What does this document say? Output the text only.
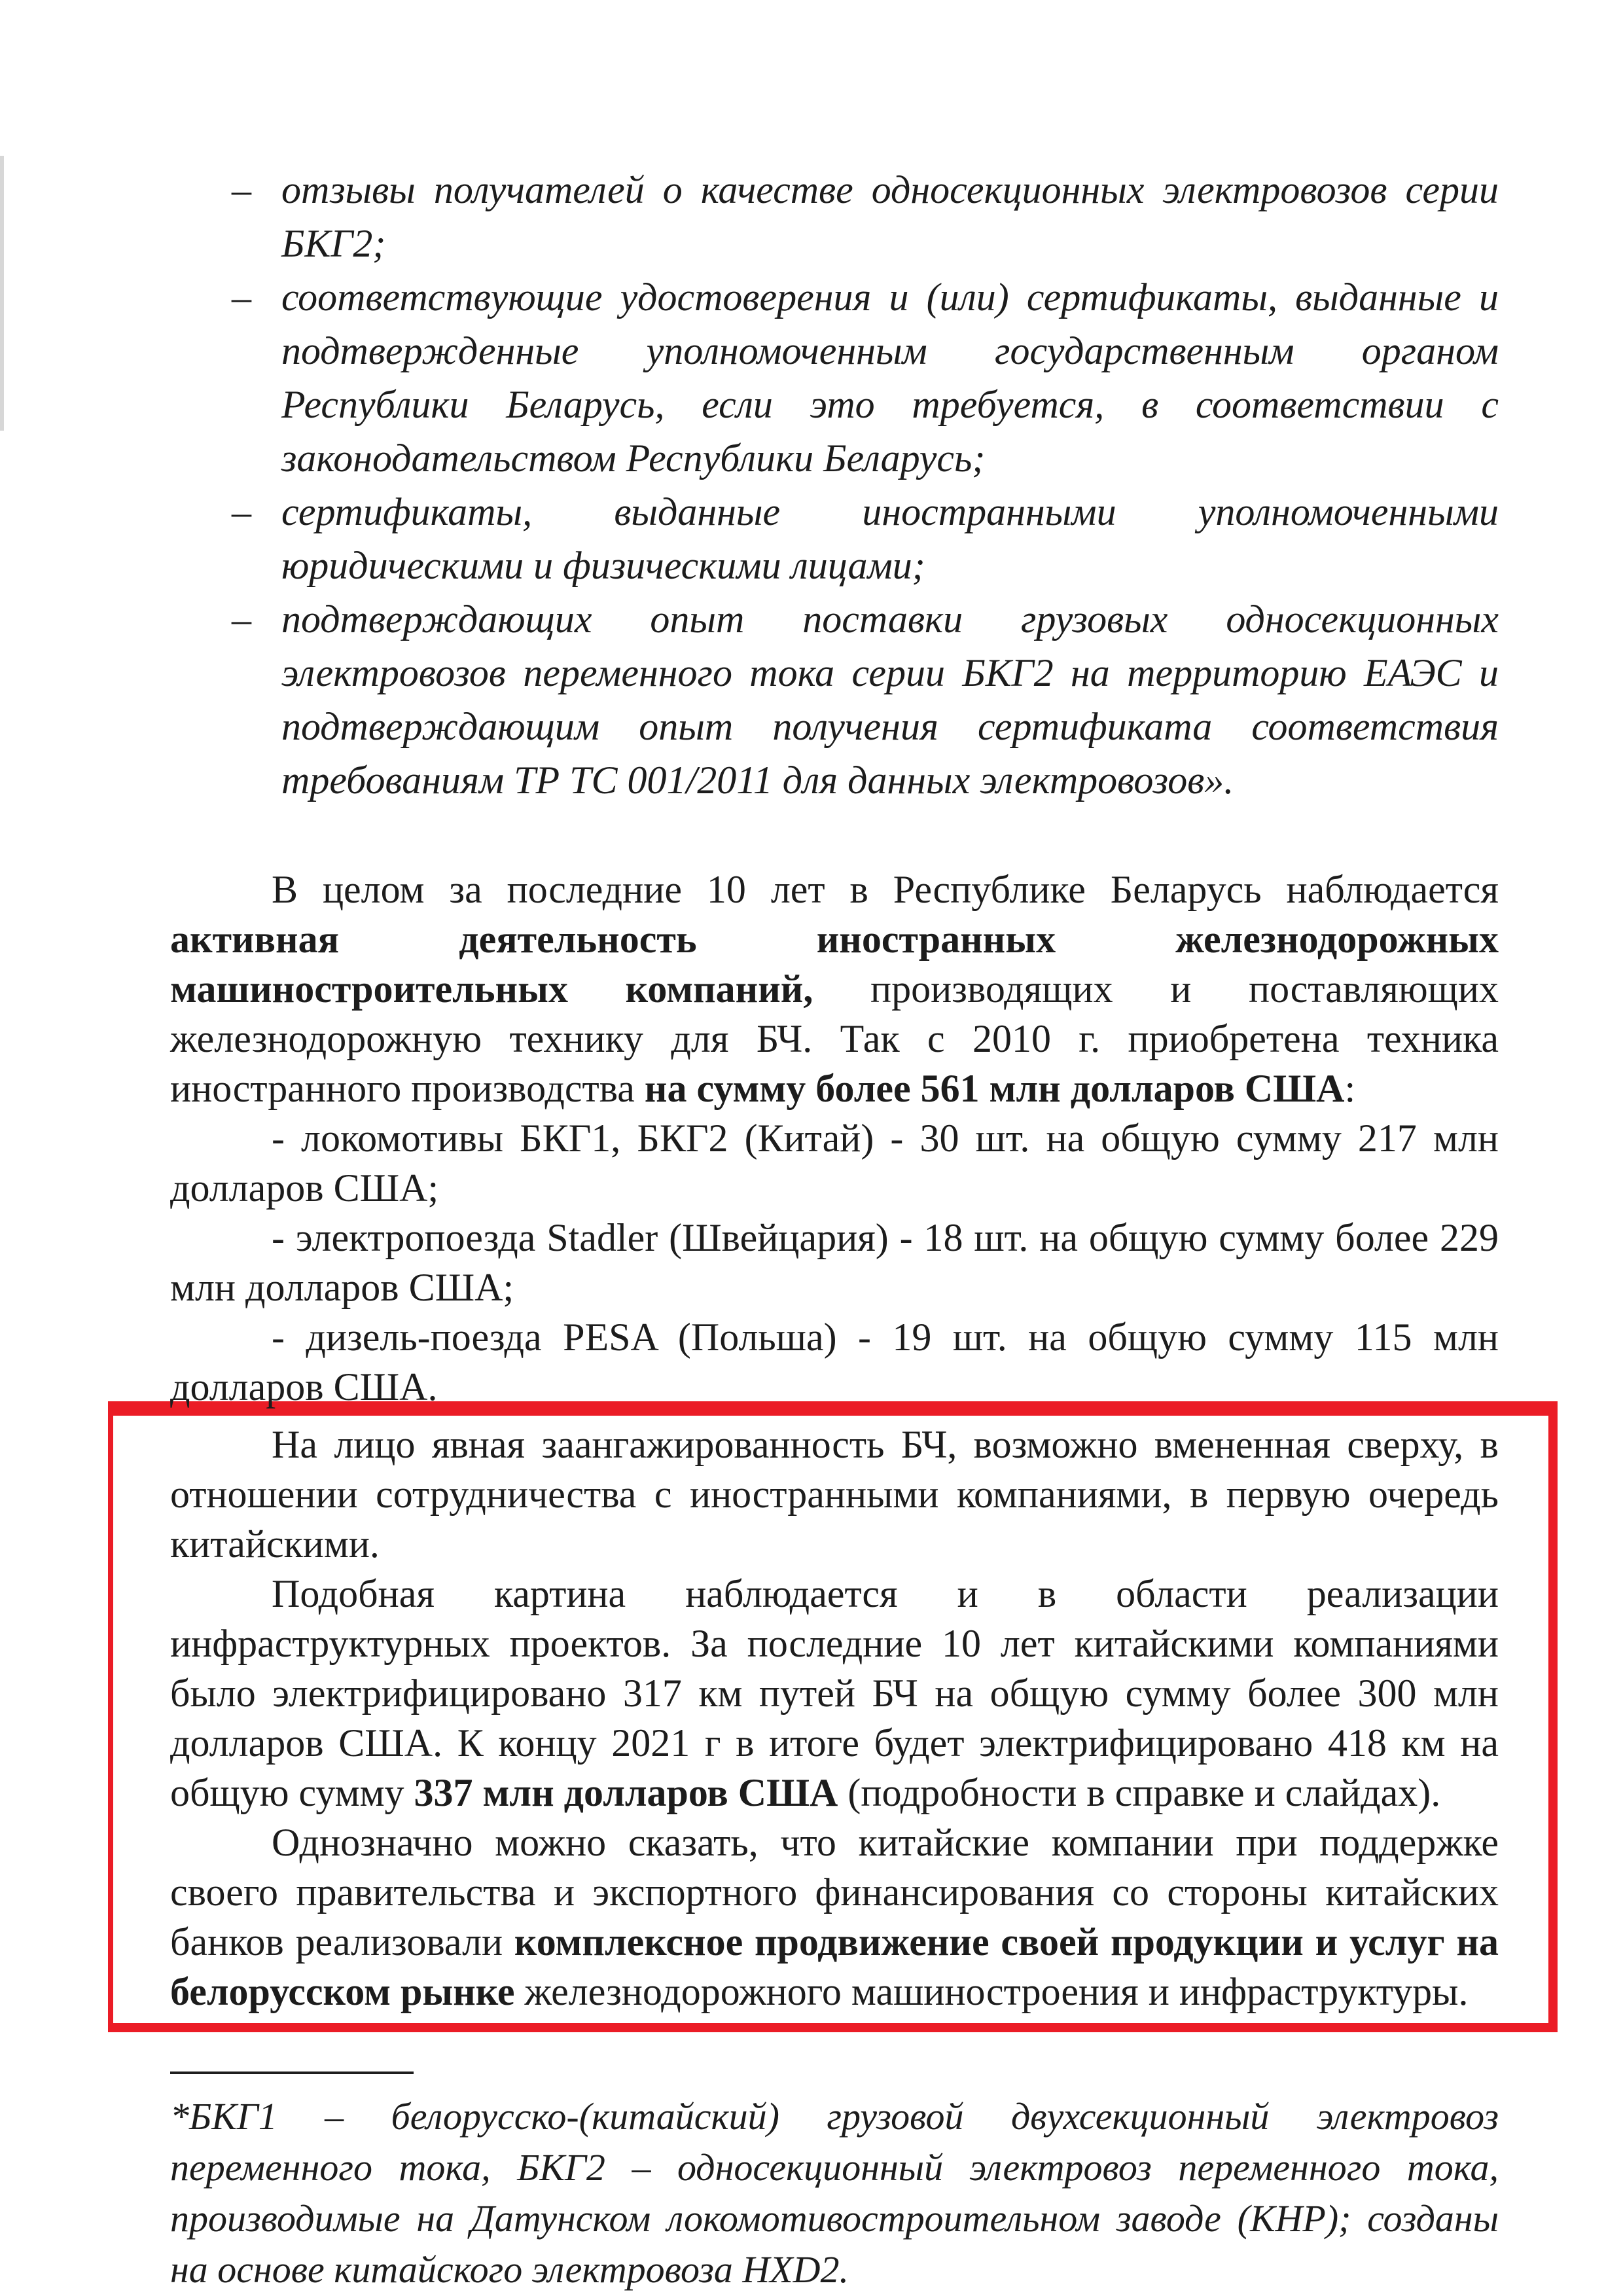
– отзывы получателей о качестве односекционных электровозов серии БКГ2;
– соответствующие удостоверения и (или) сертификаты, выданные и подтвержденные уполномоченным государственным органом Республики Беларусь, если это требуется, в соответствии с законодательством Республики Беларусь;
– сертификаты, выданные иностранными уполномоченными юридическими и физическими лицами;
– подтверждающих опыт поставки грузовых односекционных электровозов переменного тока серии БКГ2 на территорию ЕАЭС и подтверждающим опыт получения сертификата соответствия требованиям ТР ТС 001/2011 для данных электровозов».

В целом за последние 10 лет в Республике Беларусь наблюдается активная деятельность иностранных железнодорожных машиностроительных компаний, производящих и поставляющих железнодорожную технику для БЧ. Так с 2010 г. приобретена техника иностранного производства на сумму более 561 млн долларов США:

- локомотивы БКГ1, БКГ2 (Китай) - 30 шт. на общую сумму 217 млн долларов США;

- электропоезда Stadler (Швейцария) - 18 шт. на общую сумму более 229 млн долларов США;

- дизель-поезда PESA (Польша) - 19 шт. на общую сумму 115 млн долларов США.

На лицо явная заангажированность БЧ, возможно вмененная сверху, в отношении сотрудничества с иностранными компаниями, в первую очередь китайскими.

Подобная картина наблюдается и в области реализации инфраструктурных проектов. За последние 10 лет китайскими компаниями было электрифицировано 317 км путей БЧ на общую сумму более 300 млн долларов США. К концу 2021 г в итоге будет электрифицировано 418 км на общую сумму 337 млн долларов США (подробности в справке и слайдах).

Однозначно можно сказать, что китайские компании при поддержке своего правительства и экспортного финансирования со стороны китайских банков реализовали комплексное продвижение своей продукции и услуг на белорусском рынке железнодорожного машиностроения и инфраструктуры.

*БКГ1 – белорусско-(китайский) грузовой двухсекционный электровоз переменного тока, БКГ2 – односекционный электровоз переменного тока, производимые на Датунском локомотивостроительном заводе (КНР); созданы на основе китайского электровоза HXD2.
